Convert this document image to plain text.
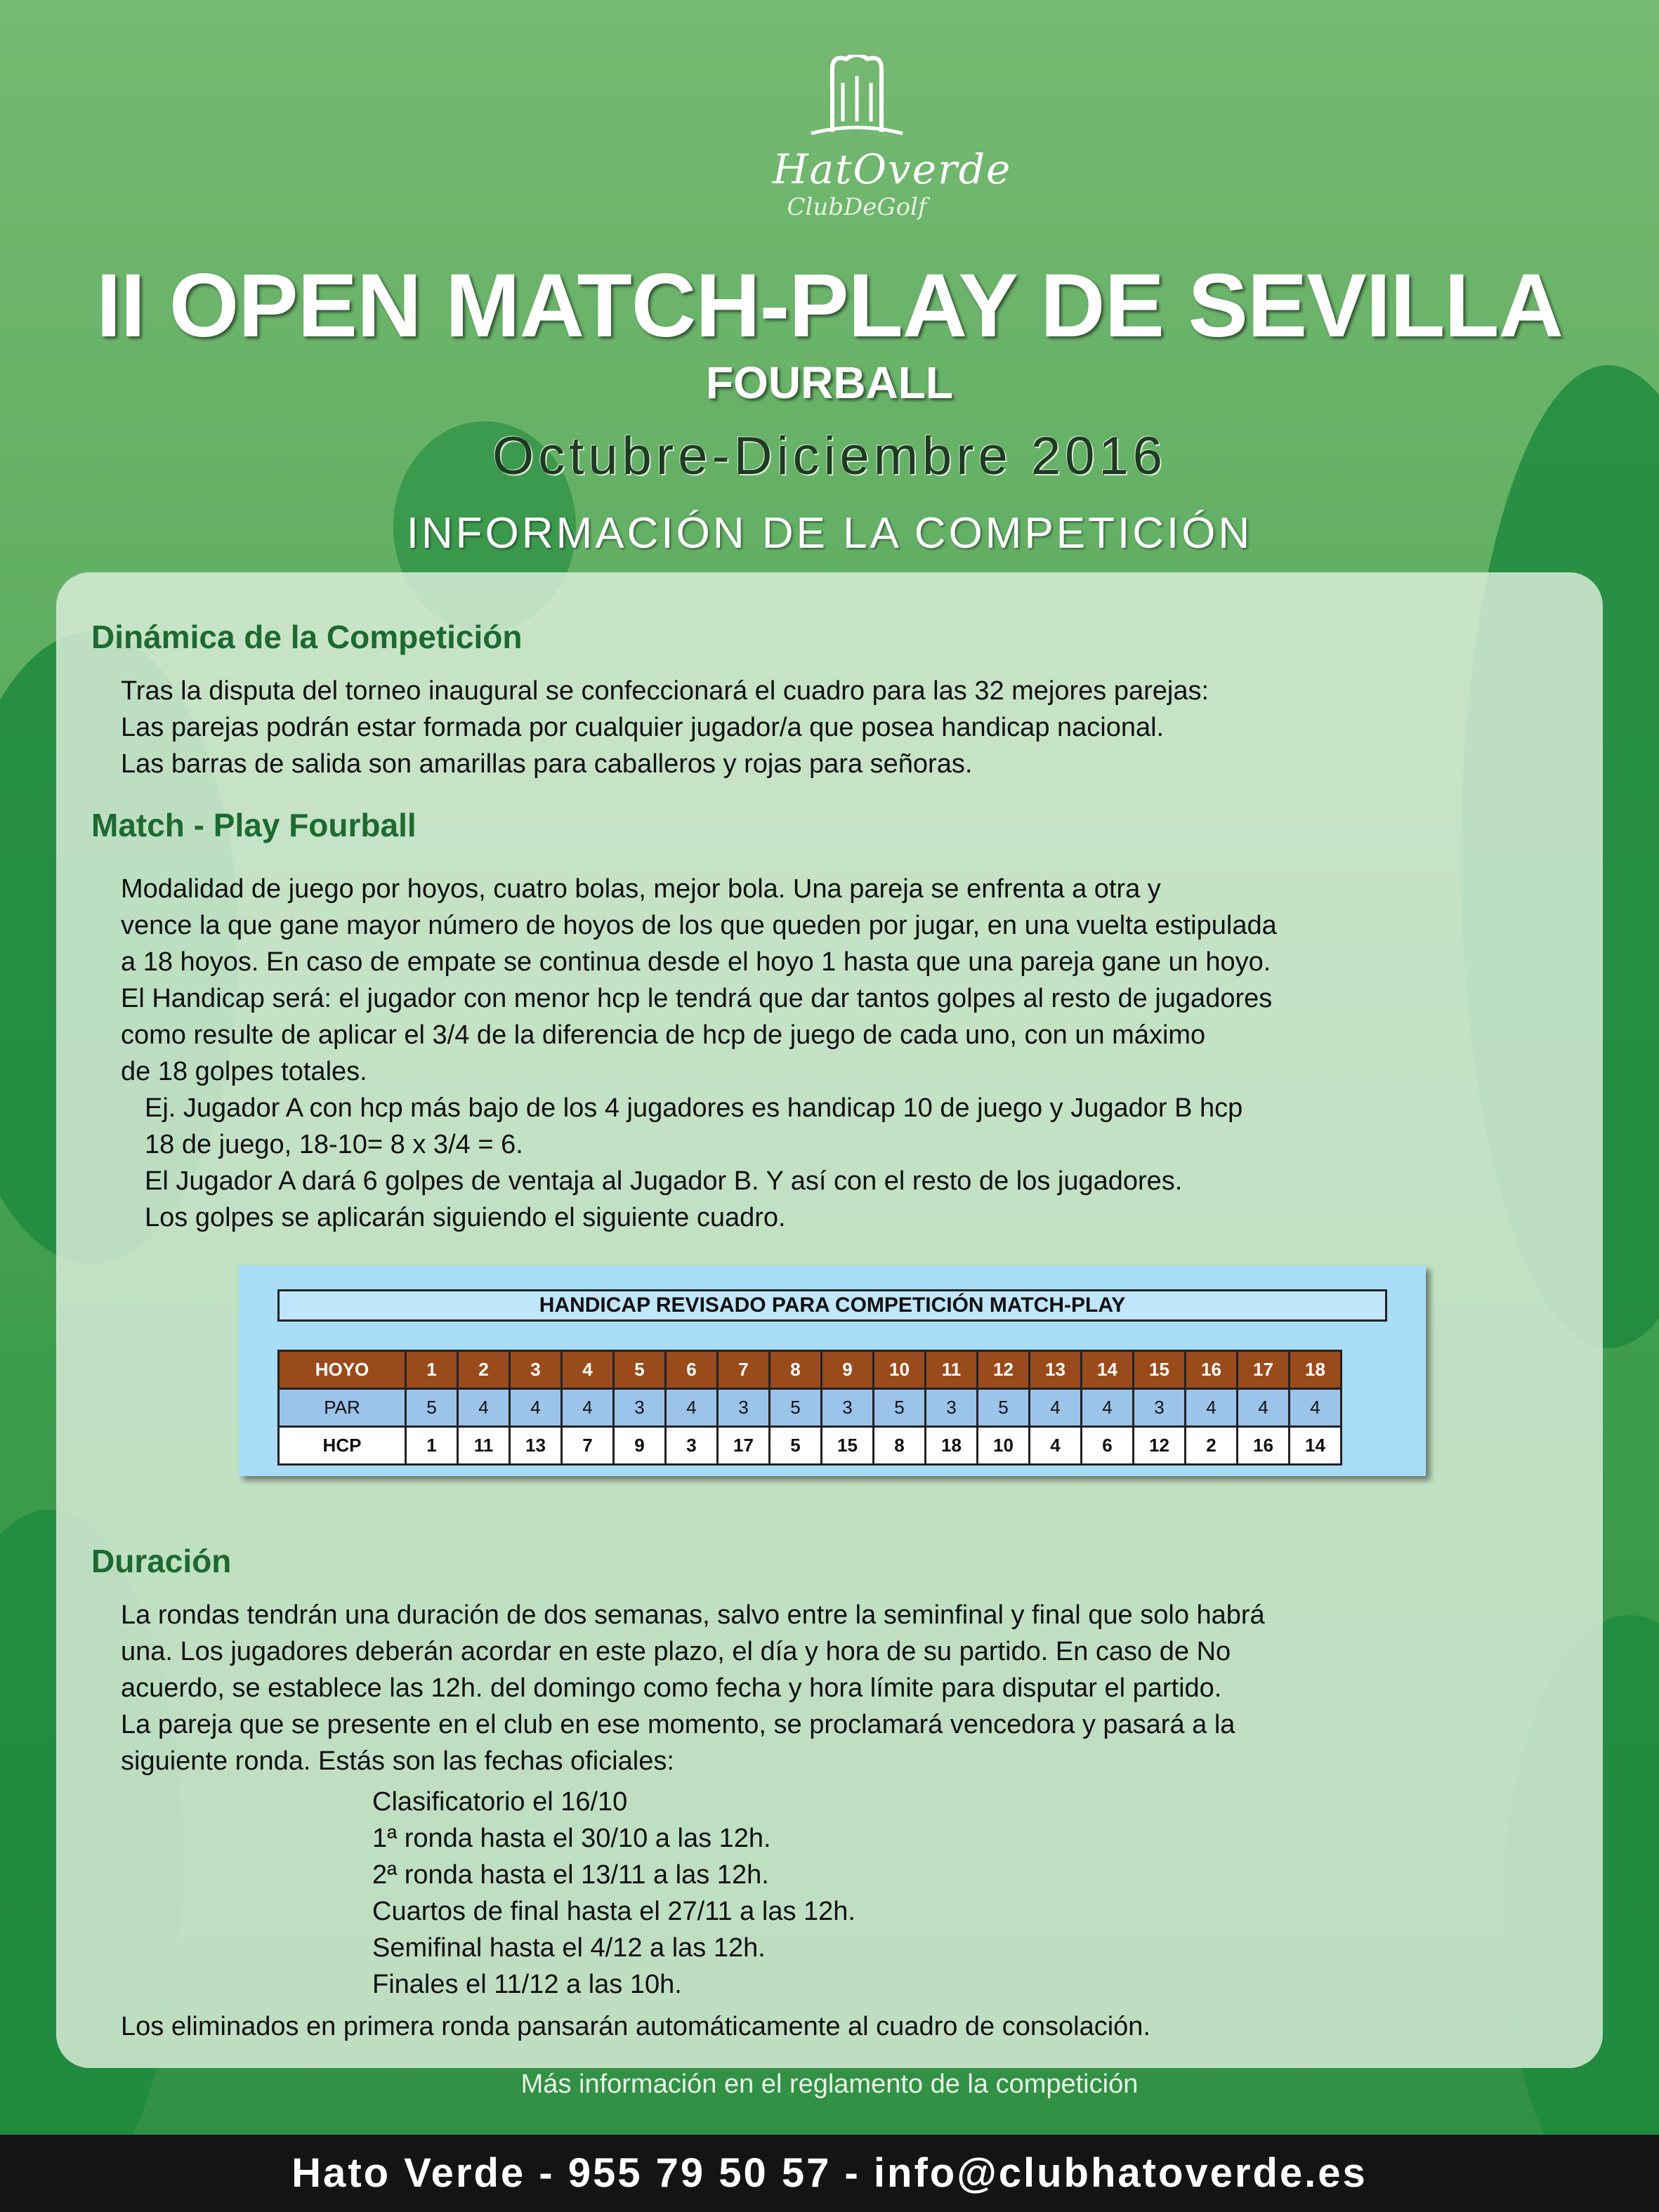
HatOverde
ClubDeGolf
II OPEN MATCH-PLAY DE SEVILLA
FOURBALL
Octubre-Diciembre 2016
INFORMACIÓN DE LA COMPETICIÓN
Dinámica de la Competición
Tras la disputa del torneo inaugural se confeccionará el cuadro para las 32 mejores parejas:
Las parejas podrán estar formada por cualquier jugador/a que posea handicap nacional.
Las barras de salida son amarillas para caballeros y rojas para señoras.
Match - Play Fourball
Modalidad de juego por hoyos, cuatro bolas, mejor bola. Una pareja se enfrenta a otra y
vence la que gane mayor número de hoyos de los que queden por jugar, en una vuelta estipulada
a 18 hoyos. En caso de empate se continua desde el hoyo 1 hasta que una pareja gane un hoyo.
El Handicap será: el jugador con menor hcp le tendrá que dar tantos golpes al resto de jugadores
como resulte de aplicar el 3/4 de la diferencia de hcp de juego de cada uno, con un máximo
de 18 golpes totales.
Ej. Jugador A con hcp más bajo de los 4 jugadores es handicap 10 de juego y Jugador B hcp
18 de juego, 18-10= 8 x 3/4 = 6.
El Jugador A dará 6 golpes de ventaja al Jugador B. Y así con el resto de los jugadores.
Los golpes se aplicarán siguiendo el siguiente cuadro.
HANDICAP REVISADO PARA COMPETICIÓN MATCH-PLAY
HOYO	1	2	3	4	5	6	7	8	9	10	11	12	13	14	15	16	17	18
PAR	5	4	4	4	3	4	3	5	3	5	3	5	4	4	3	4	4	4
HCP	1	11	13	7	9	3	17	5	15	8	18	10	4	6	12	2	16	14
Duración
La rondas tendrán una duración de dos semanas, salvo entre la seminfinal y final que solo habrá
una. Los jugadores deberán acordar en este plazo, el día y hora de su partido. En caso de No
acuerdo, se establece las 12h. del domingo como fecha y hora límite para disputar el partido.
La pareja que se presente en el club en ese momento, se proclamará vencedora y pasará a la
siguiente ronda. Estás son las fechas oficiales:
Clasificatorio el 16/10
1ª ronda hasta el 30/10 a las 12h.
2ª ronda hasta el 13/11 a las 12h.
Cuartos de final hasta el 27/11 a las 12h.
Semifinal hasta el 4/12 a las 12h.
Finales el 11/12 a las 10h.
Los eliminados en primera ronda pansarán automáticamente al cuadro de consolación.
Más información en el reglamento de la competición
Hato Verde - 955 79 50 57 - info@clubhatoverde.es
